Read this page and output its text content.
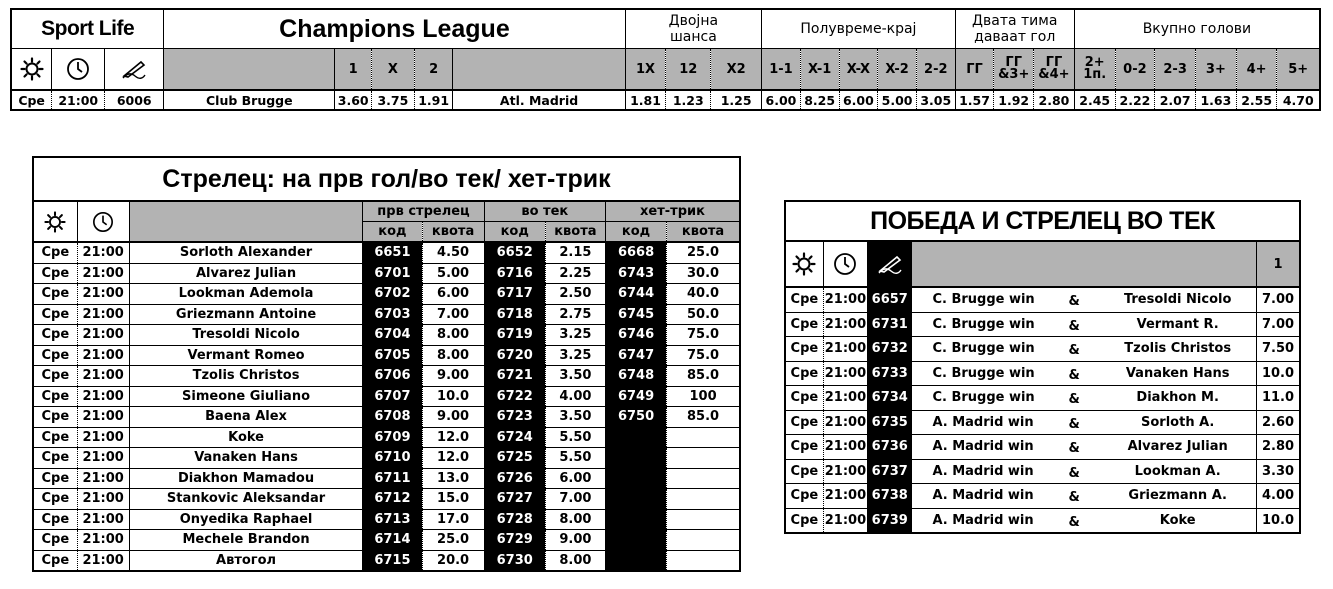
Sport Life			Champions League					Двојна шанса			Полувреме-крај					Двата тима даваат гол			Вкупно голови					

		1	X	2		1X	12	X2	1-1	X-1	X-X	X-2	2-2	ГГ	ГГ &3+	ГГ &4+	2+ 1п.	0-2	2-3	3+	4+	5+
Сре	21:00	6006	Club Brugge	3.60	3.75	1.91	Atl. Madrid	1.81	1.23	1.25	6.00	8.25	6.00	5.00	3.05	1.57	1.92	2.80	2.45	2.22	2.07	1.63	2.55	4.70
Стрелец: на прв гол/во тек/ хет-трик								

		прв стрелец		во тек		хет-трик	
			код	квота	код	квота	код	квота
Сре	21:00	Sorloth Alexander	6651	4.50	6652	2.15	6668	25.0
Сре	21:00	Alvarez Julian	6701	5.00	6716	2.25	6743	30.0
Сре	21:00	Lookman Ademola	6702	6.00	6717	2.50	6744	40.0
Сре	21:00	Griezmann Antoine	6703	7.00	6718	2.75	6745	50.0
Сре	21:00	Tresoldi Nicolo	6704	8.00	6719	3.25	6746	75.0
Сре	21:00	Vermant Romeo	6705	8.00	6720	3.25	6747	75.0
Сре	21:00	Tzolis Christos	6706	9.00	6721	3.50	6748	85.0
Сре	21:00	Simeone Giuliano	6707	10.0	6722	4.00	6749	100
Сре	21:00	Baena Alex	6708	9.00	6723	3.50	6750	85.0
Сре	21:00	Koke	6709	12.0	6724	5.50		
Сре	21:00	Vanaken Hans	6710	12.0	6725	5.50		
Сре	21:00	Diakhon Mamadou	6711	13.0	6726	6.00		
Сре	21:00	Stankovic Aleksandar	6712	15.0	6727	7.00		
Сре	21:00	Onyedika Raphael	6713	17.0	6728	8.00		
Сре	21:00	Mechele Brandon	6714	25.0	6729	9.00		
Сре	21:00	Автогол	6715	20.0	6730	8.00		
ПОБЕДА И СТРЕЛЕЦ ВО ТЕК						

		1
Сре	21:00	6657	C. Brugge win	&	Tresoldi Nicolo	7.00
Сре	21:00	6731	C. Brugge win	&	Vermant R.	7.00
Сре	21:00	6732	C. Brugge win	&	Tzolis Christos	7.50
Сре	21:00	6733	C. Brugge win	&	Vanaken Hans	10.0
Сре	21:00	6734	C. Brugge win	&	Diakhon M.	11.0
Сре	21:00	6735	A. Madrid win	&	Sorloth A.	2.60
Сре	21:00	6736	A. Madrid win	&	Alvarez Julian	2.80
Сре	21:00	6737	A. Madrid win	&	Lookman A.	3.30
Сре	21:00	6738	A. Madrid win	&	Griezmann A.	4.00
Сре	21:00	6739	A. Madrid win	&	Koke	10.0
